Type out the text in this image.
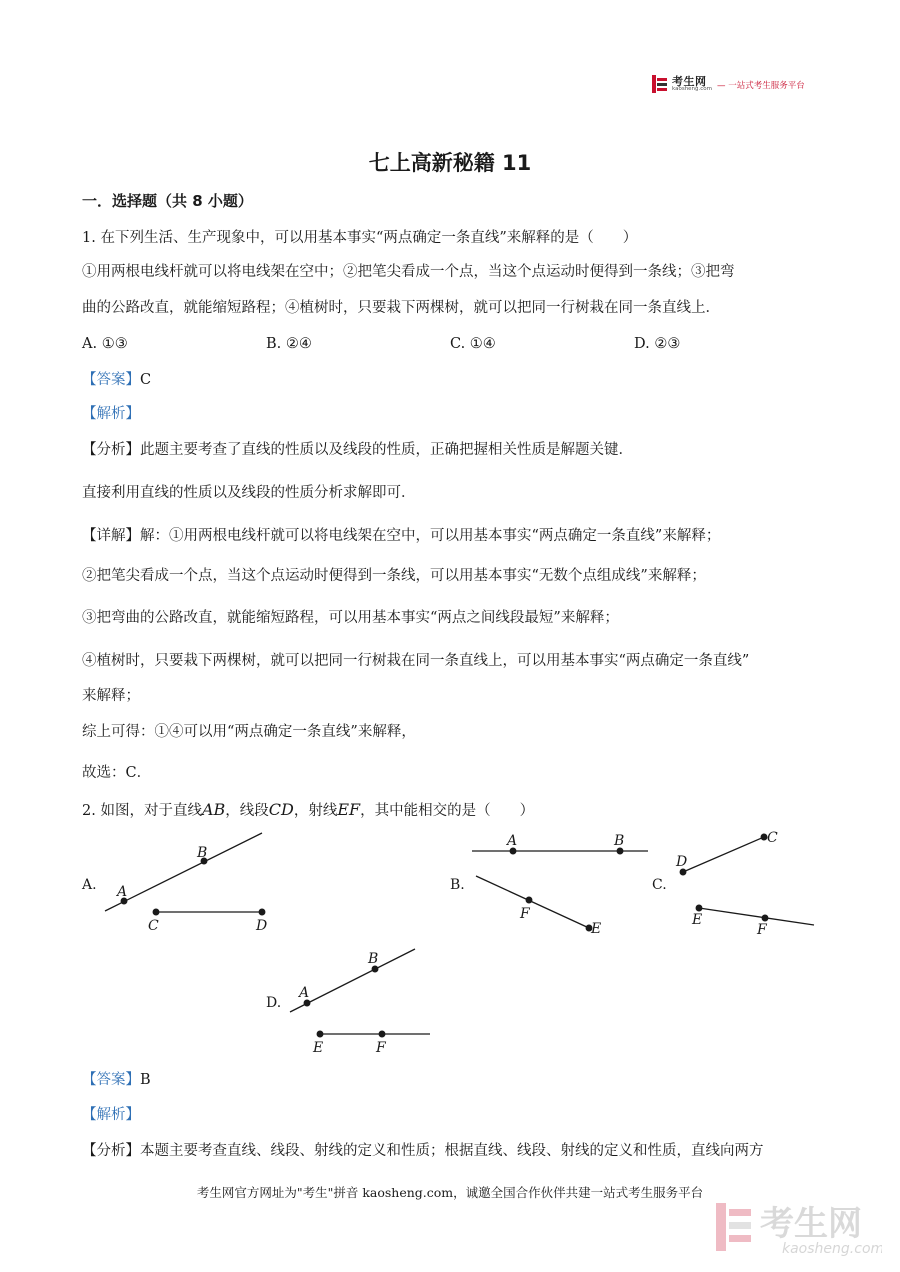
考生网
kaosheng.com — 一站式考生服务平台
七上高新秘籍 11
一．选择题（共 8 小题）
1. 在下列生活、生产现象中，可以用基本事实“两点确定一条直线”来解释的是（　　）
①用两根电线杆就可以将电线架在空中；②把笔尖看成一个点，当这个点运动时便得到一条线；③把弯
曲的公路改直，就能缩短路程；④植树时，只要栽下两棵树，就可以把同一行树栽在同一条直线上．
A. ①③	B. ②④	C. ①④	D. ②③
【答案】C
【解析】
【分析】此题主要考查了直线的性质以及线段的性质，正确把握相关性质是解题关键．
直接利用直线的性质以及线段的性质分析求解即可．
【详解】解：①用两根电线杆就可以将电线架在空中，可以用基本事实“两点确定一条直线”来解释；
②把笔尖看成一个点，当这个点运动时便得到一条线，可以用基本事实“无数个点组成线”来解释；
③把弯曲的公路改直，就能缩短路程，可以用基本事实“两点之间线段最短”来解释；
④植树时，只要栽下两棵树，就可以把同一行树栽在同一条直线上，可以用基本事实“两点确定一条直线”
来解释；
综上可得：①④可以用“两点确定一条直线”来解释，
故选：C．
2. 如图，对于直线AB，线段CD，射线EF，其中能相交的是（　　）
A. A
B
C	D
B.
A	B
F
E
C.
C
D
E
F
D.
A
B
E	F
【答案】B
【解析】
【分析】本题主要考查直线、线段、射线的定义和性质；根据直线、线段、射线的定义和性质，直线向两方
考生网官方网址为"考生"拼音 kaosheng.com，诚邀全国合作伙伴共建一站式考生服务平台
考生网
kaosheng.com
